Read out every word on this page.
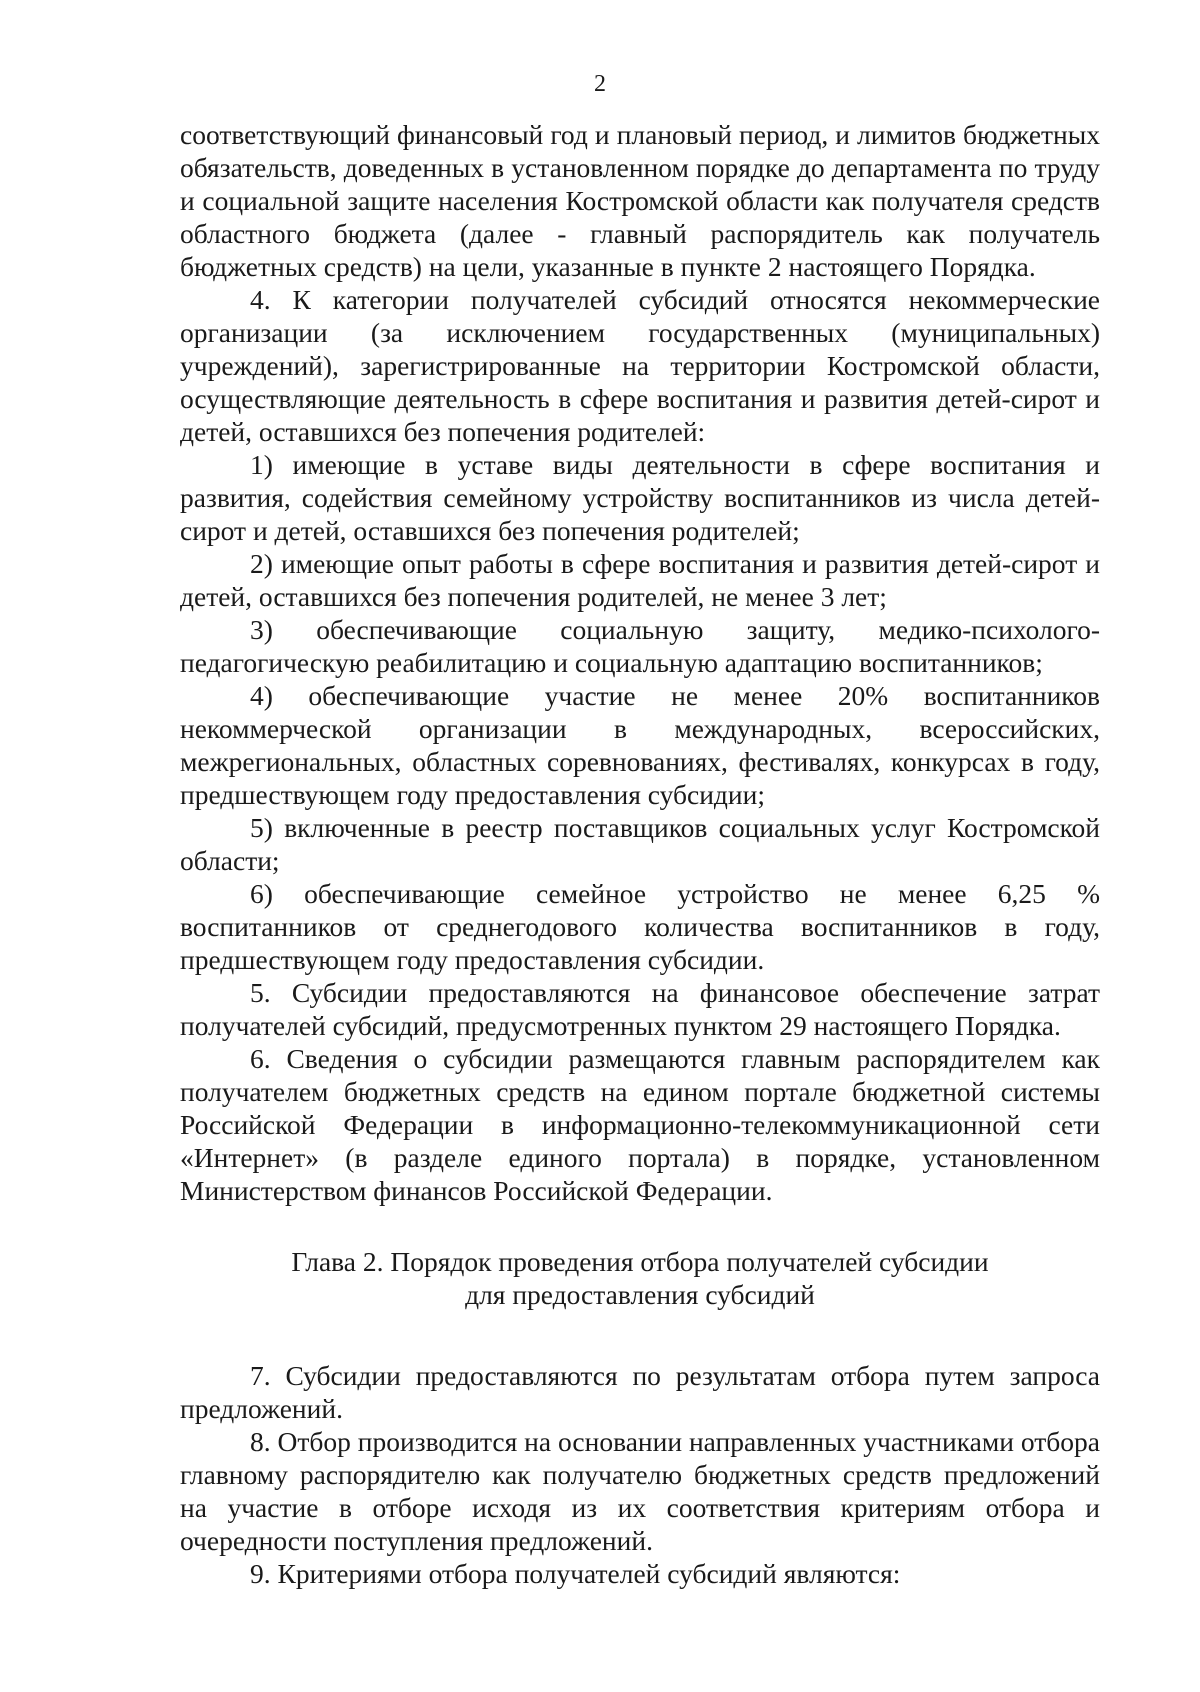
2

соответствующий финансовый год и плановый период, и лимитов бюджетных обязательств, доведенных в установленном порядке до департамента по труду и социальной защите населения Костромской области как получателя средств областного бюджета (далее - главный распорядитель как получатель бюджетных средств) на цели, указанные в пункте 2 настоящего Порядка.

4. К категории получателей субсидий относятся некоммерческие организации (за исключением государственных (муниципальных) учреждений), зарегистрированные на территории Костромской области, осуществляющие деятельность в сфере воспитания и развития детей-сирот и детей, оставшихся без попечения родителей:

1) имеющие в уставе виды деятельности в сфере воспитания и развития, содействия семейному устройству воспитанников из числа детей-сирот и детей, оставшихся без попечения родителей;

2) имеющие опыт работы в сфере воспитания и развития детей-сирот и детей, оставшихся без попечения родителей, не менее 3 лет;

3) обеспечивающие социальную защиту, медико-психолого-педагогическую реабилитацию и социальную адаптацию воспитанников;

4) обеспечивающие участие не менее 20% воспитанников некоммерческой организации в международных, всероссийских, межрегиональных, областных соревнованиях, фестивалях, конкурсах в году, предшествующем году предоставления субсидии;

5) включенные в реестр поставщиков социальных услуг Костромской области;

6) обеспечивающие семейное устройство не менее 6,25 % воспитанников от среднегодового количества воспитанников в году, предшествующем году предоставления субсидии.

5. Субсидии предоставляются на финансовое обеспечение затрат получателей субсидий, предусмотренных пунктом 29 настоящего Порядка.

6. Сведения о субсидии размещаются главным распорядителем как получателем бюджетных средств на едином портале бюджетной системы Российской Федерации в информационно-телекоммуникационной сети «Интернет» (в разделе единого портала) в порядке, установленном Министерством финансов Российской Федерации.

Глава 2. Порядок проведения отбора получателей субсидии
для предоставления субсидий

7. Субсидии предоставляются по результатам отбора путем запроса предложений.

8. Отбор производится на основании направленных участниками отбора главному распорядителю как получателю бюджетных средств предложений на участие в отборе исходя из их соответствия критериям отбора и очередности поступления предложений.

9. Критериями отбора получателей субсидий являются:
